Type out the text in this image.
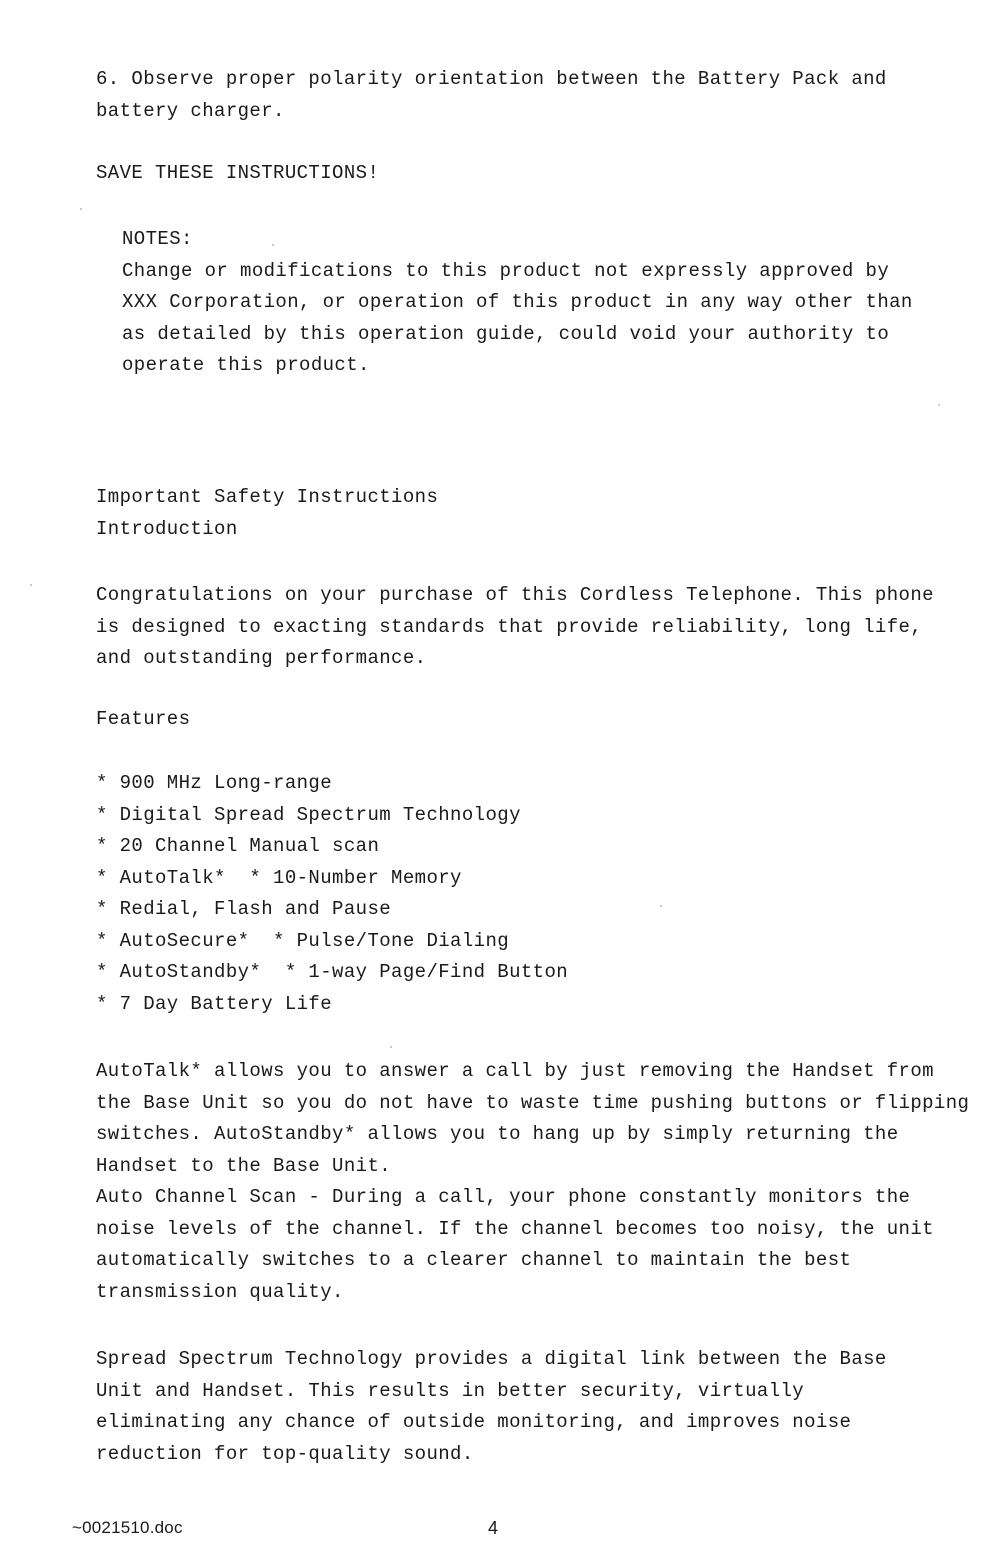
6. Observe proper polarity orientation between the Battery Pack and

battery charger.

SAVE THESE INSTRUCTIONS!

NOTES:

Change or modifications to this product not expressly approved by

XXX Corporation, or operation of this product in any way other than

as detailed by this operation guide, could void your authority to

operate this product.

Important Safety Instructions

Introduction

Congratulations on your purchase of this Cordless Telephone. This phone

is designed to exacting standards that provide reliability, long life,

and outstanding performance.

Features

* 900 MHz Long-range

* Digital Spread Spectrum Technology

* 20 Channel Manual scan

* AutoTalk*  * 10-Number Memory

* Redial, Flash and Pause

* AutoSecure*  * Pulse/Tone Dialing

* AutoStandby*  * 1-way Page/Find Button

* 7 Day Battery Life

AutoTalk* allows you to answer a call by just removing the Handset from

the Base Unit so you do not have to waste time pushing buttons or flipping

switches. AutoStandby* allows you to hang up by simply returning the

Handset to the Base Unit.

Auto Channel Scan - During a call, your phone constantly monitors the

noise levels of the channel. If the channel becomes too noisy, the unit

automatically switches to a clearer channel to maintain the best

transmission quality.

Spread Spectrum Technology provides a digital link between the Base

Unit and Handset. This results in better security, virtually

eliminating any chance of outside monitoring, and improves noise

reduction for top-quality sound.

~0021510.doc	4
